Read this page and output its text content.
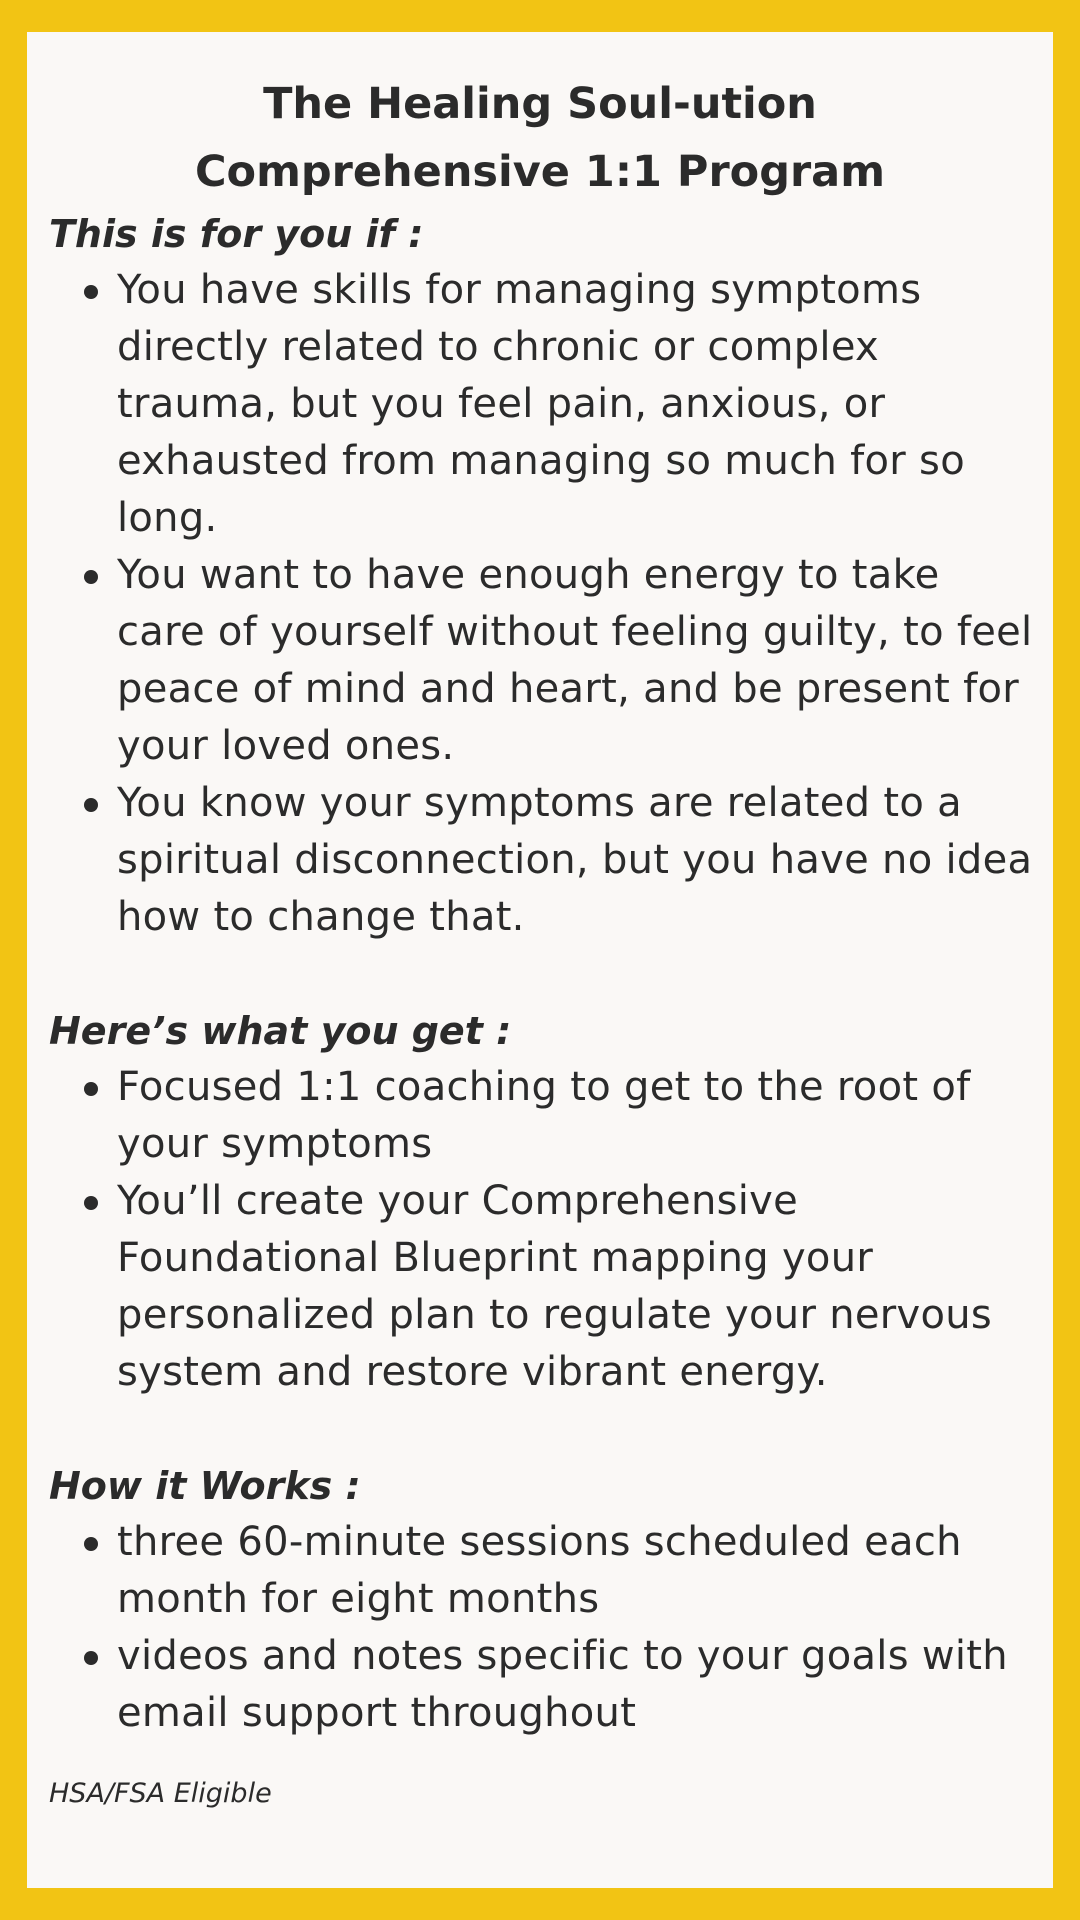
The Healing Soul-ution
Comprehensive 1:1 Program
This is for you if :
You have skills for managing symptoms directly related to chronic or complex trauma, but you feel pain, anxious, or exhausted from managing so much for so long.
You want to have enough energy to take care of yourself without feeling guilty, to feel peace of mind and heart, and be present for your loved ones.
You know your symptoms are related to a spiritual disconnection, but you have no idea how to change that.
Here’s what you get :
Focused 1:1 coaching to get to the root of your symptoms
You’ll create your Comprehensive Foundational Blueprint mapping your personalized plan to regulate your nervous system and restore vibrant energy.
How it Works :
three 60-minute sessions scheduled each month for eight months
videos and notes specific to your goals with email support throughout
HSA/FSA Eligible
